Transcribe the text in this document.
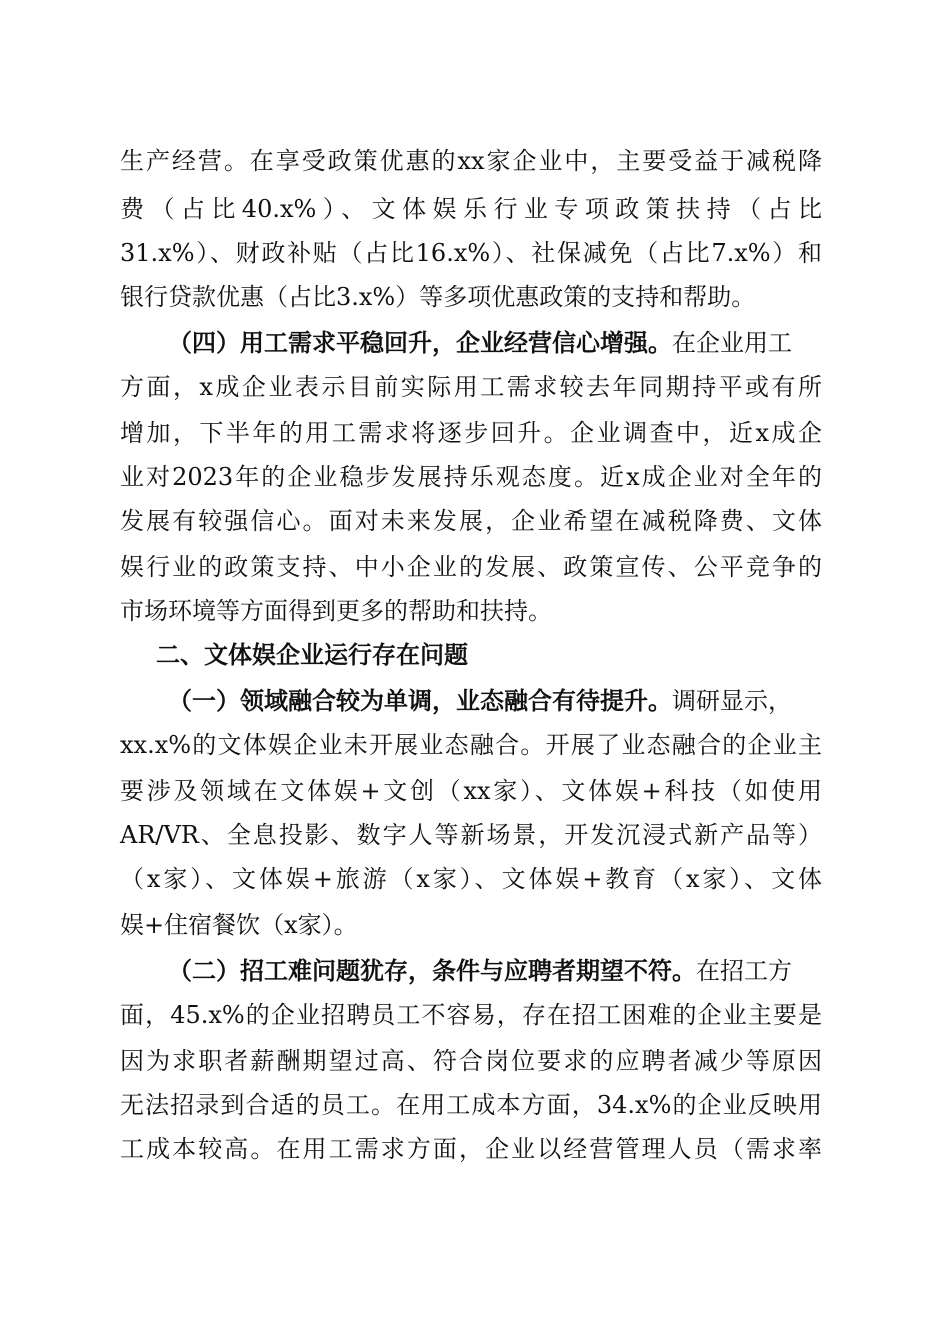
生产经营。在享受政策优惠的xx家企业中，主要受益于减税降
费（占比40.x%）、文体娱乐行业专项政策扶持（占比
31.x%）、财政补贴（占比16.x%）、社保减免（占比7.x%）和
银行贷款优惠（占比3.x%）等多项优惠政策的支持和帮助。
（四）用工需求平稳回升，企业经营信心增强。在企业用工
方面，x成企业表示目前实际用工需求较去年同期持平或有所
增加，下半年的用工需求将逐步回升。企业调查中，近x成企
业对2023年的企业稳步发展持乐观态度。近x成企业对全年的
发展有较强信心。面对未来发展，企业希望在减税降费、文体
娱行业的政策支持、中小企业的发展、政策宣传、公平竞争的
市场环境等方面得到更多的帮助和扶持。
二、文体娱企业运行存在问题
（一）领域融合较为单调，业态融合有待提升。调研显示，
xx.x%的文体娱企业未开展业态融合。开展了业态融合的企业主
要涉及领域在文体娱+文创（xx家）、文体娱+科技（如使用
AR/VR、全息投影、数字人等新场景，开发沉浸式新产品等）
（x家）、文体娱+旅游（x家）、文体娱+教育（x家）、文体
娱+住宿餐饮（x家）。
（二）招工难问题犹存，条件与应聘者期望不符。在招工方
面，45.x%的企业招聘员工不容易，存在招工困难的企业主要是
因为求职者薪酬期望过高、符合岗位要求的应聘者减少等原因
无法招录到合适的员工。在用工成本方面，34.x%的企业反映用
工成本较高。在用工需求方面，企业以经营管理人员（需求率
